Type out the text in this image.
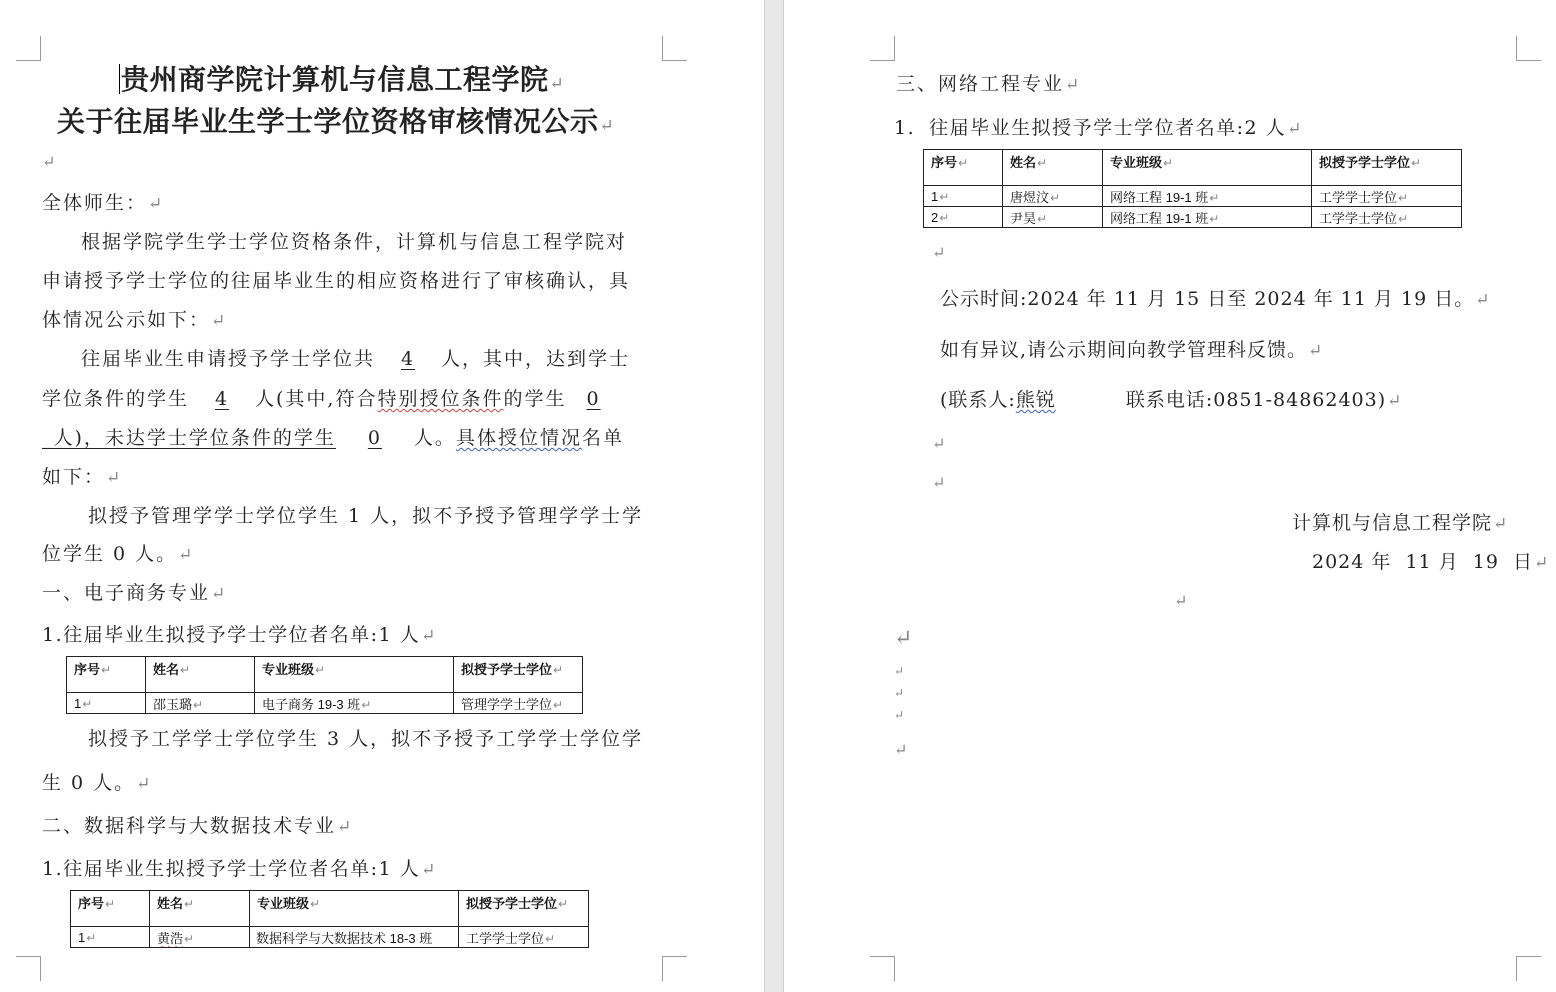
贵州商学院计算机与信息工程学院↵
关于往届毕业生学士学位资格审核情况公示↵
↵
全体师生：↵
根据学院学生学士学位资格条件，计算机与信息工程学院对
申请授予学士学位的往届毕业生的相应资格进行了审核确认，具
体情况公示如下：↵
往届毕业生申请授予学士学位共 4 人，其中，达到学士
学位条件的学生 4 人(其中,符合特别授位条件的学生 0
_人)，未达学士学位条件的学生 0 人。具体授位情况名单
如下：↵
拟授予管理学学士学位学生 1 人，拟不予授予管理学学士学
位学生 0 人。↵
一、电子商务专业↵
1.往届毕业生拟授予学士学位者名单:1 人↵
序号↵	姓名↵	专业班级↵	拟授予学士学位↵
1↵	邵玉璐↵	电子商务 19-3 班↵	管理学学士学位↵
拟授予工学学士学位学生 3 人，拟不予授予工学学士学位学
生 0 人。↵
二、数据科学与大数据技术专业↵
1.往届毕业生拟授予学士学位者名单:1 人↵
序号↵	姓名↵	专业班级↵	拟授予学士学位↵
1↵	黄浩↵	数据科学与大数据技术 18-3 班	工学学士学位↵
三、网络工程专业↵
1. 往届毕业生拟授予学士学位者名单:2 人↵
序号↵	姓名↵	专业班级↵	拟授予学士学位↵
1↵	唐煜汶↵	网络工程 19-1 班↵	工学学士学位↵
2↵	尹昊↵	网络工程 19-1 班↵	工学学士学位↵
↵
公示时间:2024 年 11 月 15 日至 2024 年 11 月 19 日。↵
如有异议,请公示期间向教学管理科反馈。↵
(联系人:熊锐	联系电话:0851-84862403)↵
↵
↵
计算机与信息工程学院↵
2024 年  11 月  19  日↵
↵
↵
↵
↵
↵
↵
